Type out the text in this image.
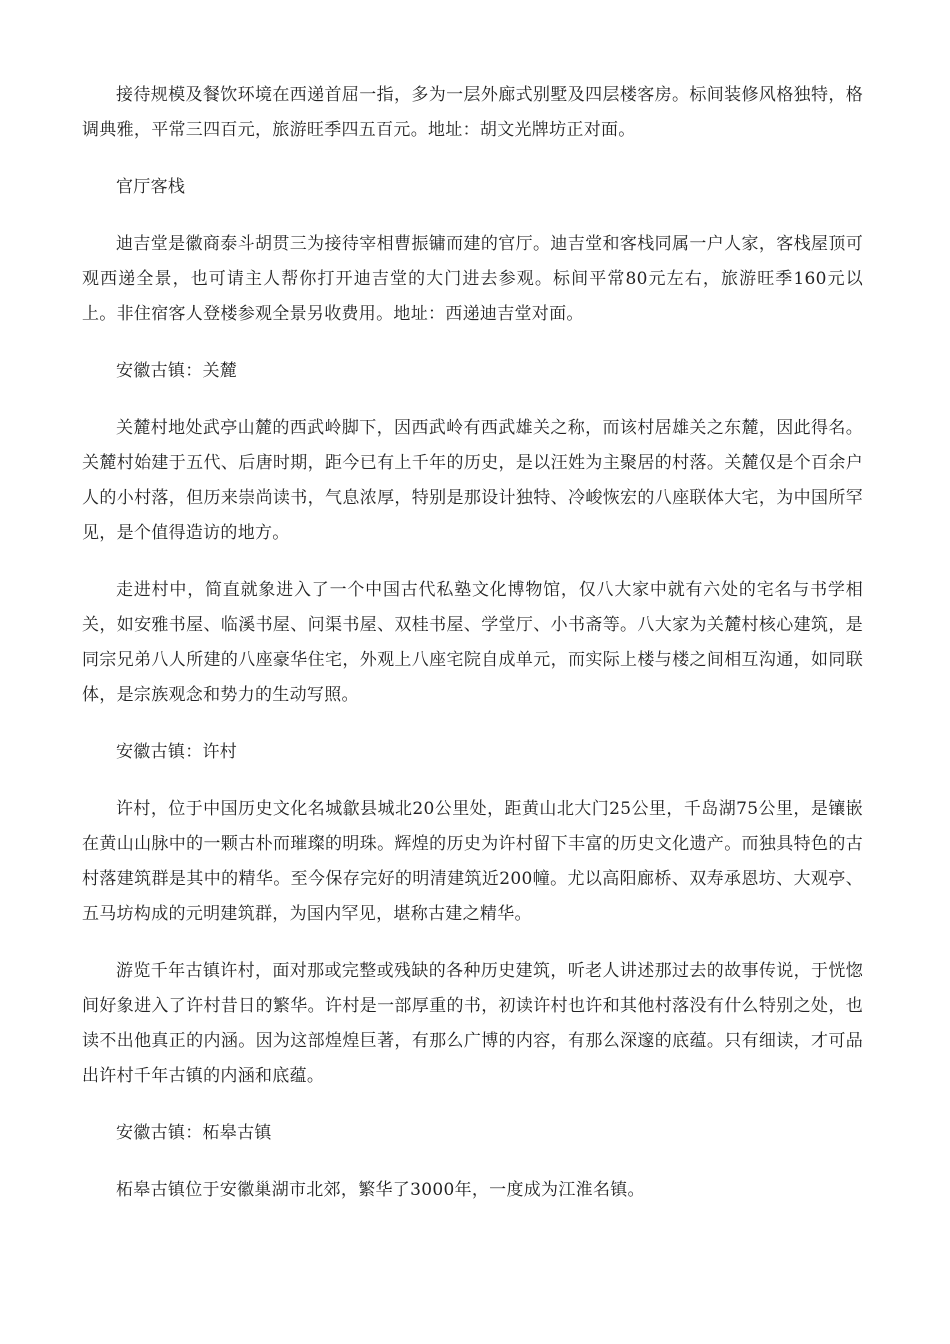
接待规模及餐饮环境在西递首屈一指，多为一层外廊式别墅及四层楼客房。标间装修风格独特，格调典雅，平常三四百元，旅游旺季四五百元。地址：胡文光牌坊正对面。

官厅客栈

迪吉堂是徽商泰斗胡贯三为接待宰相曹振镛而建的官厅。迪吉堂和客栈同属一户人家，客栈屋顶可观西递全景，也可请主人帮你打开迪吉堂的大门进去参观。标间平常80元左右，旅游旺季160元以上。非住宿客人登楼参观全景另收费用。地址：西递迪吉堂对面。

安徽古镇：关麓

关麓村地处武亭山麓的西武岭脚下，因西武岭有西武雄关之称，而该村居雄关之东麓，因此得名。关麓村始建于五代、后唐时期，距今已有上千年的历史，是以汪姓为主聚居的村落。关麓仅是个百余户人的小村落，但历来崇尚读书，气息浓厚，特别是那设计独特、冷峻恢宏的八座联体大宅，为中国所罕见，是个值得造访的地方。

走进村中，简直就象进入了一个中国古代私塾文化博物馆，仅八大家中就有六处的宅名与书学相关，如安雅书屋、临溪书屋、问渠书屋、双桂书屋、学堂厅、小书斋等。八大家为关麓村核心建筑，是同宗兄弟八人所建的八座豪华住宅，外观上八座宅院自成单元，而实际上楼与楼之间相互沟通，如同联体，是宗族观念和势力的生动写照。

安徽古镇：许村

许村，位于中国历史文化名城歙县城北20公里处，距黄山北大门25公里，千岛湖75公里，是镶嵌在黄山山脉中的一颗古朴而璀璨的明珠。辉煌的历史为许村留下丰富的历史文化遗产。而独具特色的古村落建筑群是其中的精华。至今保存完好的明清建筑近200幢。尤以高阳廊桥、双寿承恩坊、大观亭、五马坊构成的元明建筑群，为国内罕见，堪称古建之精华。

游览千年古镇许村，面对那或完整或残缺的各种历史建筑，听老人讲述那过去的故事传说，于恍惚间好象进入了许村昔日的繁华。许村是一部厚重的书，初读许村也许和其他村落没有什么特别之处，也读不出他真正的内涵。因为这部煌煌巨著，有那么广博的内容，有那么深邃的底蕴。只有细读，才可品出许村千年古镇的内涵和底蕴。

安徽古镇：柘皋古镇

柘皋古镇位于安徽巢湖市北郊，繁华了3000年，一度成为江淮名镇。
